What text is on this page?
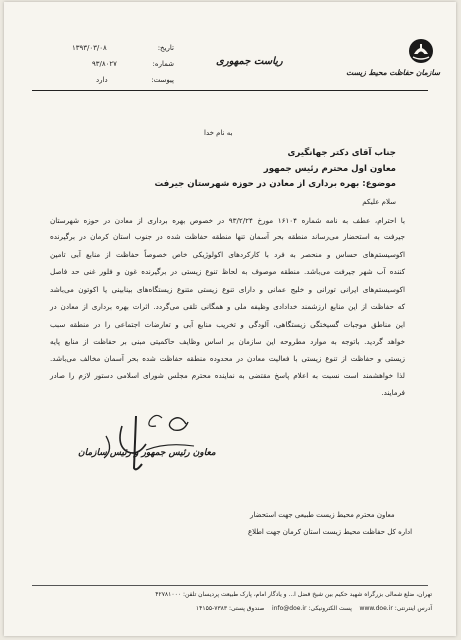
سازمان حفاظت محیط زیست
ریاست جمهوری
تاریخ:
۱۳۹۳/۰۳/۰۸
شماره:
۹۳/۸۰۲۷
پیوست:
دارد
به نام خدا
جناب آقای دکتر جهانگیری
معاون اول محترم رئیس جمهور
موضوع: بهره برداری از معادن در حوزه شهرستان جیرفت
سلام علیکم
با احترام، عطف به نامه شماره ۱۶۱۰۴ مورخ ۹۳/۲/۲۴ در خصوص بهره برداری از معادن در حوزه شهرستان
جیرفت به استحضار می‌رساند منطقه بحر آسمان تنها منطقه حفاظت شده در جنوب استان کرمان در برگیرنده
اکوسیستم‌های حساس و منحصر به فرد با کارکردهای اکولوژیکی خاص خصوصاً حفاظت از منابع آبی تامین
کننده آب شهر جیرفت می‌باشد. منطقه موصوف به لحاظ تنوع زیستی در برگیرنده غون و فلور غنی حد فاصل
اکوسیستم‌های ایرانی تورانی و خلیج عمانی و دارای تنوع زیستی متنوع زیستگاه‌های بینابینی یا اکوتون می‌باشد
که حفاظت از این منابع ارزشمند خدادادی وظیفه ملی و همگانی تلقی می‌گردد. اثرات بهره برداری از معادن در
این مناطق موجبات گسیختگی زیستگاهی، آلودگی و تخریب منابع آبی و تعارضات اجتماعی را در منطقه سبب
خواهد گردید. باتوجه به موارد مطروحه این سازمان بر اساس وظایف حاکمیتی مبنی بر حفاظت از منابع پایه
زیستی و حفاظت از تنوع زیستی با فعالیت معادن در محدوده منطقه حفاظت شده بحر آسمان مخالف می‌باشد.
لذا خواهشمند است نسبت به اعلام پاسخ مقتضی به نماینده محترم مجلس شورای اسلامی دستور لازم را صادر
فرمایند.
معاون رئیس جمهور و رئیس سازمان
معاون محترم محیط زیست طبیعی جهت استحضار
اداره کل حفاظت محیط زیست استان کرمان جهت اطلاع
تهران، ضلع شمالی بزرگراه شهید حکیم بین شیخ فضل ا... و یادگار امام، پارک طبیعت پردیسان تلفن: ۴۲۷۸۱۰۰۰
آدرس اینترنتی: www.doe.ir    پست الکترونیکی: info@doe.ir    صندوق پستی: ۷۳۸۳-۱۴۱۵۵
